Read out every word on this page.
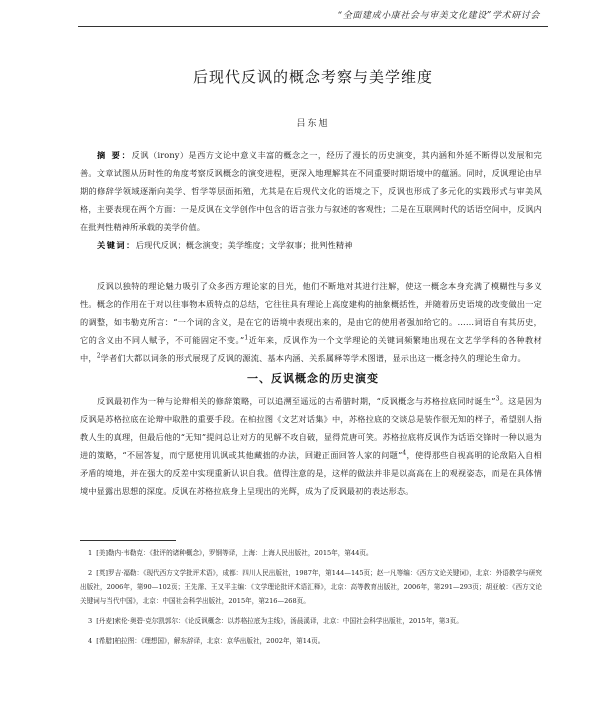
“全面建成小康社会与审美文化建设”学术研讨会
后现代反讽的概念考察与美学维度
吕东旭
摘 要：反讽（irony）是西方文论中意义丰富的概念之一，经历了漫长的历史演变，其内涵和外延不断得以发展和完善。文章试图从历时性的角度考察反讽概念的演变进程，更深入地理解其在不同重要时期语境中的蕴涵。同时，反讽理论由早期的修辞学领域逐渐向美学、哲学等层面拓殖，尤其是在后现代文化的语境之下，反讽也形成了多元化的实践形式与审美风格，主要表现在两个方面：一是反讽在文学创作中包含的语言张力与叙述的客观性；二是在互联网时代的话语空间中，反讽内在批判性精神所承载的美学价值。
关键词：后现代反讽；概念演变；美学维度；文学叙事；批判性精神
反讽以独特的理论魅力吸引了众多西方理论家的目光，他们不断地对其进行注解，使这一概念本身充满了模糊性与多义性。概念的作用在于对以往事物本质特点的总结，它往往具有理论上高度建构的抽象概括性，并随着历史语境的改变做出一定的调整，如韦勒克所言：“一个词的含义，是在它的语境中表现出来的，是由它的使用者强加给它的。……词语自有其历史，它的含义由不同人赋予，不可能固定不变。”$^1$近年来，反讽作为一个文学理论的关键词频繁地出现在文艺学学科的各种教材中，$^2$学者们大都以词条的形式展现了反讽的源流、基本内涵、关系属释等学术图谱，显示出这一概念持久的理论生命力。
一、反讽概念的历史演变
反讽最初作为一种与论辩相关的修辞策略，可以追溯至遥远的古希腊时期，“反讽概念与苏格拉底同时诞生”$^3$。这是因为反讽是苏格拉底在论辩中取胜的重要手段。在柏拉图《文艺对话集》中，苏格拉底的交谈总是装作很无知的样子，希望别人指教人生的真理，但最后他的“无知”提问总让对方的见解不攻自破，显得荒唐可笑。苏格拉底将反讽作为话语交锋时一种以退为进的策略，“不屈答复，而宁愿使用讥讽或其他藏拙的办法，回避正面回答人家的问题”$^4$，使得那些自视高明的论敌陷入自相矛盾的境地，并在强大的反差中实现重新认识自我。值得注意的是，这样的做法并非是以高高在上的观视姿态，而是在具体情境中显露出思想的深度。反讽在苏格拉底身上呈现出的光辉，成为了反讽最初的表达形态。

1 [美]勒内·韦勒克：《批评的诸种概念》，罗钢等译，上海：上海人民出版社，2015年，第44页。

2 [英]罗吉·福勒：《现代西方文学批评术语》，成都：四川人民出版社，1987年，第144—145页；赵一凡等编：《西方文论关键词》，北京：外语教学与研究出版社，2006年，第90—102页；王先霈、王又平主编：《文学理论批评术语汇释》，北京：高等教育出版社，2006年，第291—293页；胡亚敏：《西方文论关键词与当代中国》，北京：中国社会科学出版社，2015年，第216—268页。

3 [丹麦]索伦·奥碧·克尔凯郭尔：《论反讽概念：以苏格拉底为主线》，汤晨溪译，北京：中国社会科学出版社，2015年，第3页。

4 [希腊]柏拉图：《理想国》，解东辞译，北京：京华出版社，2002年，第14页。
